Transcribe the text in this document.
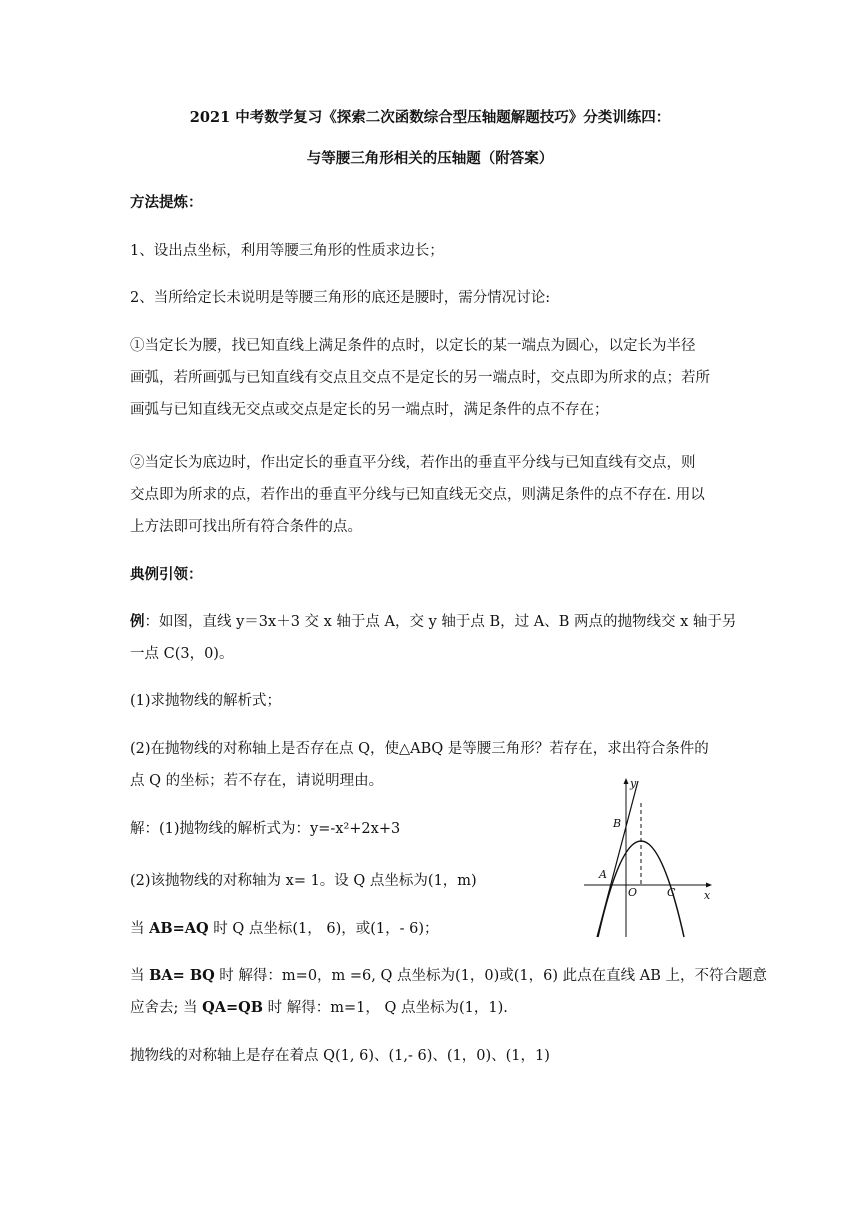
2021 中考数学复习《探索二次函数综合型压轴题解题技巧》分类训练四：
与等腰三角形相关的压轴题（附答案）
方法提炼：
1、设出点坐标，利用等腰三角形的性质求边长；
2、当所给定长未说明是等腰三角形的底还是腰时，需分情况讨论:
①当定长为腰，找已知直线上满足条件的点时，以定长的某一端点为圆心，以定长为半径
画弧，若所画弧与已知直线有交点且交点不是定长的另一端点时，交点即为所求的点；若所
画弧与已知直线无交点或交点是定长的另一端点时，满足条件的点不存在；
②当定长为底边时，作出定长的垂直平分线，若作出的垂直平分线与已知直线有交点，则
交点即为所求的点，若作出的垂直平分线与已知直线无交点，则满足条件的点不存在. 用以
上方法即可找出所有符合条件的点。
典例引领：
例：如图，直线 y＝3x＋3 交 x 轴于点 A，交 y 轴于点 B，过 A、B 两点的抛物线交 x 轴于另
一点 C(3，0)。
(1)求抛物线的解析式；
(2)在抛物线的对称轴上是否存在点 Q，使△ABQ 是等腰三角形？若存在，求出符合条件的
点 Q 的坐标；若不存在，请说明理由。
解：(1)抛物线的解析式为：y=-x²+2x+3
(2)该抛物线的对称轴为 x= 1。设 Q 点坐标为(1，m)
当 AB=AQ 时 Q 点坐标(1， 6)，或(1，- 6)；
当 BA= BQ 时 解得：m=0，m =6, Q 点坐标为(1，0)或(1，6) 此点在直线 AB 上，不符合题意
应舍去; 当 QA=QB 时 解得：m=1， Q 点坐标为(1，1).
抛物线的对称轴上是存在着点 Q(1, 6)、(1,- 6)、(1，0)、(1，1)
y
B
A
O	C	x
